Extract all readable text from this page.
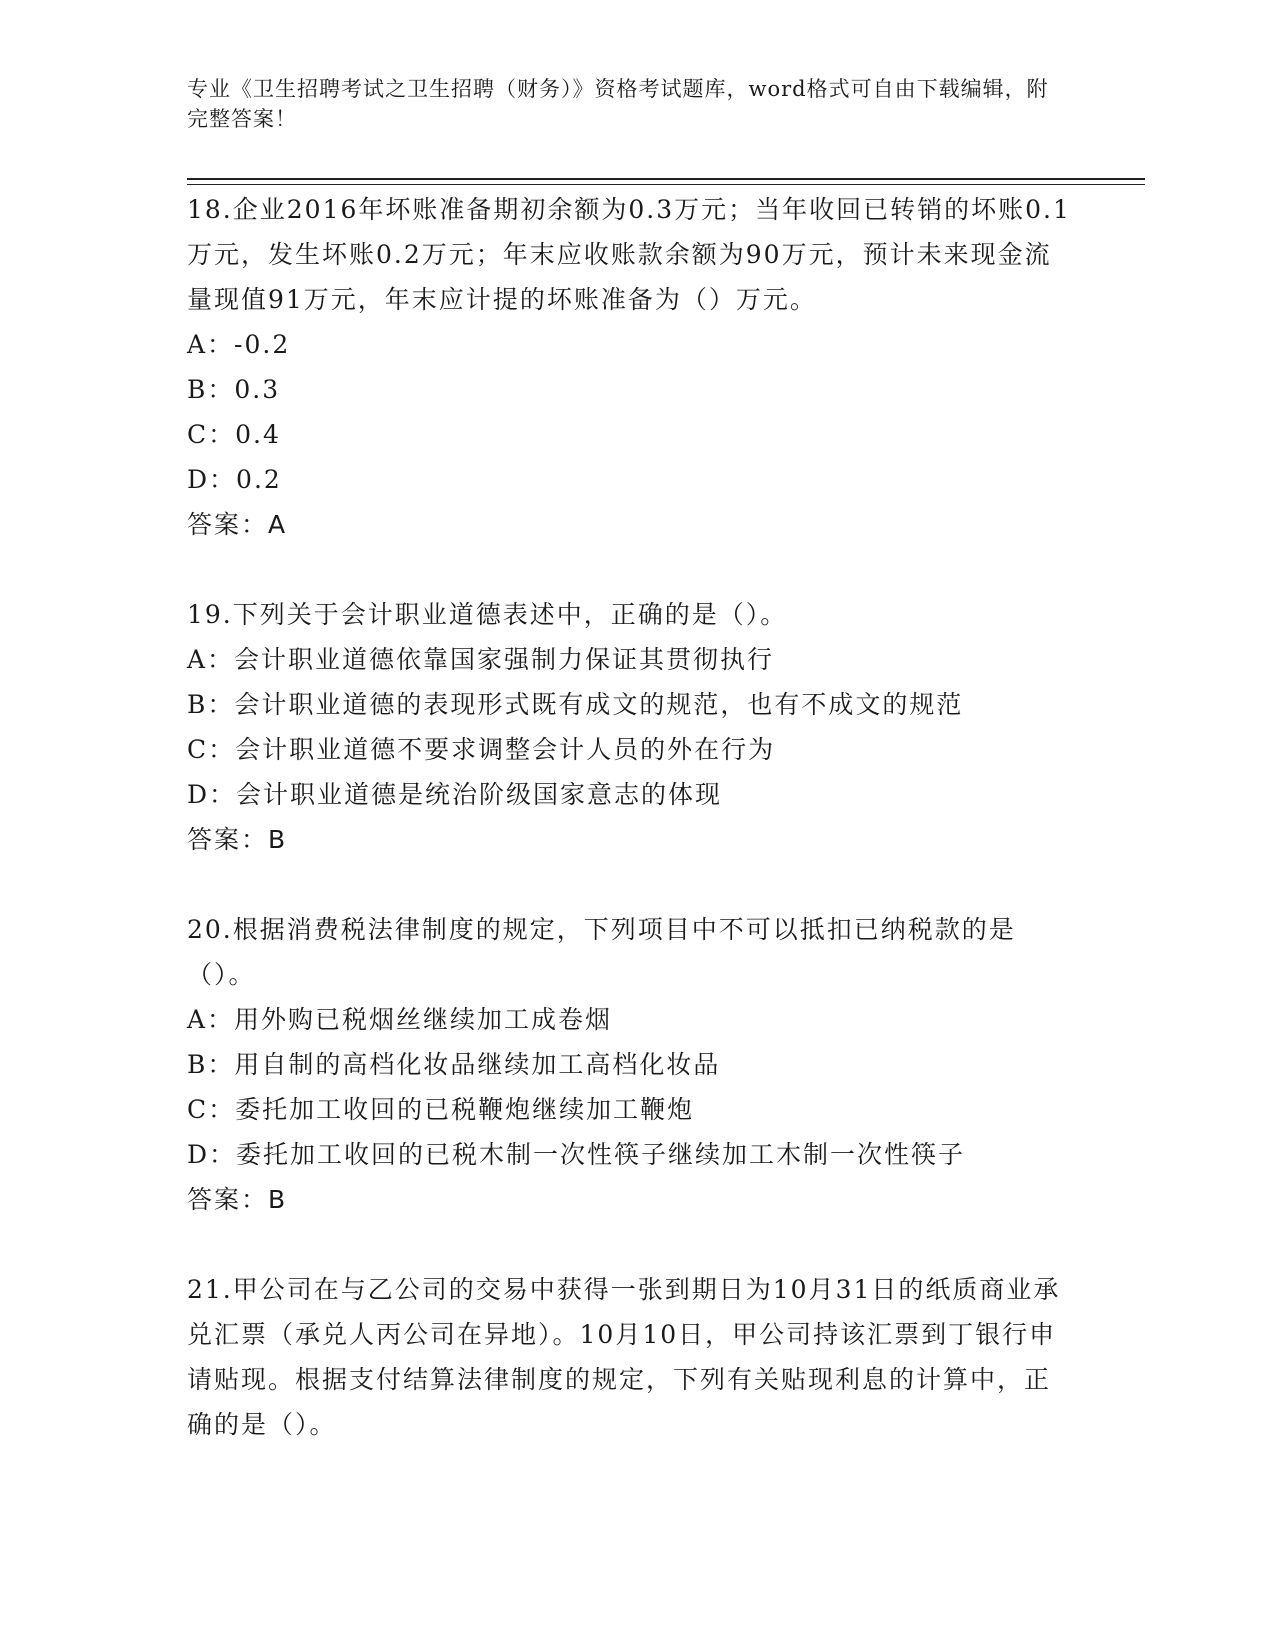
专业《卫生招聘考试之卫生招聘（财务）》资格考试题库，word格式可自由下载编辑，附完整答案！

18.企业2016年坏账准备期初余额为0.3万元；当年收回已转销的坏账0.1万元，发生坏账0.2万元；年末应收账款余额为90万元，预计未来现金流量现值91万元，年末应计提的坏账准备为（）万元。

A：-0.2

B：0.3

C：0.4

D：0.2

答案：A

19.下列关于会计职业道德表述中，正确的是（）。

A：会计职业道德依靠国家强制力保证其贯彻执行

B：会计职业道德的表现形式既有成文的规范，也有不成文的规范

C：会计职业道德不要求调整会计人员的外在行为

D：会计职业道德是统治阶级国家意志的体现

答案：B

20.根据消费税法律制度的规定，下列项目中不可以抵扣已纳税款的是（）。

A：用外购已税烟丝继续加工成卷烟

B：用自制的高档化妆品继续加工高档化妆品

C：委托加工收回的已税鞭炮继续加工鞭炮

D：委托加工收回的已税木制一次性筷子继续加工木制一次性筷子

答案：B

21.甲公司在与乙公司的交易中获得一张到期日为10月31日的纸质商业承兑汇票（承兑人丙公司在异地）。10月10日，甲公司持该汇票到丁银行申请贴现。根据支付结算法律制度的规定，下列有关贴现利息的计算中，正确的是（）。
